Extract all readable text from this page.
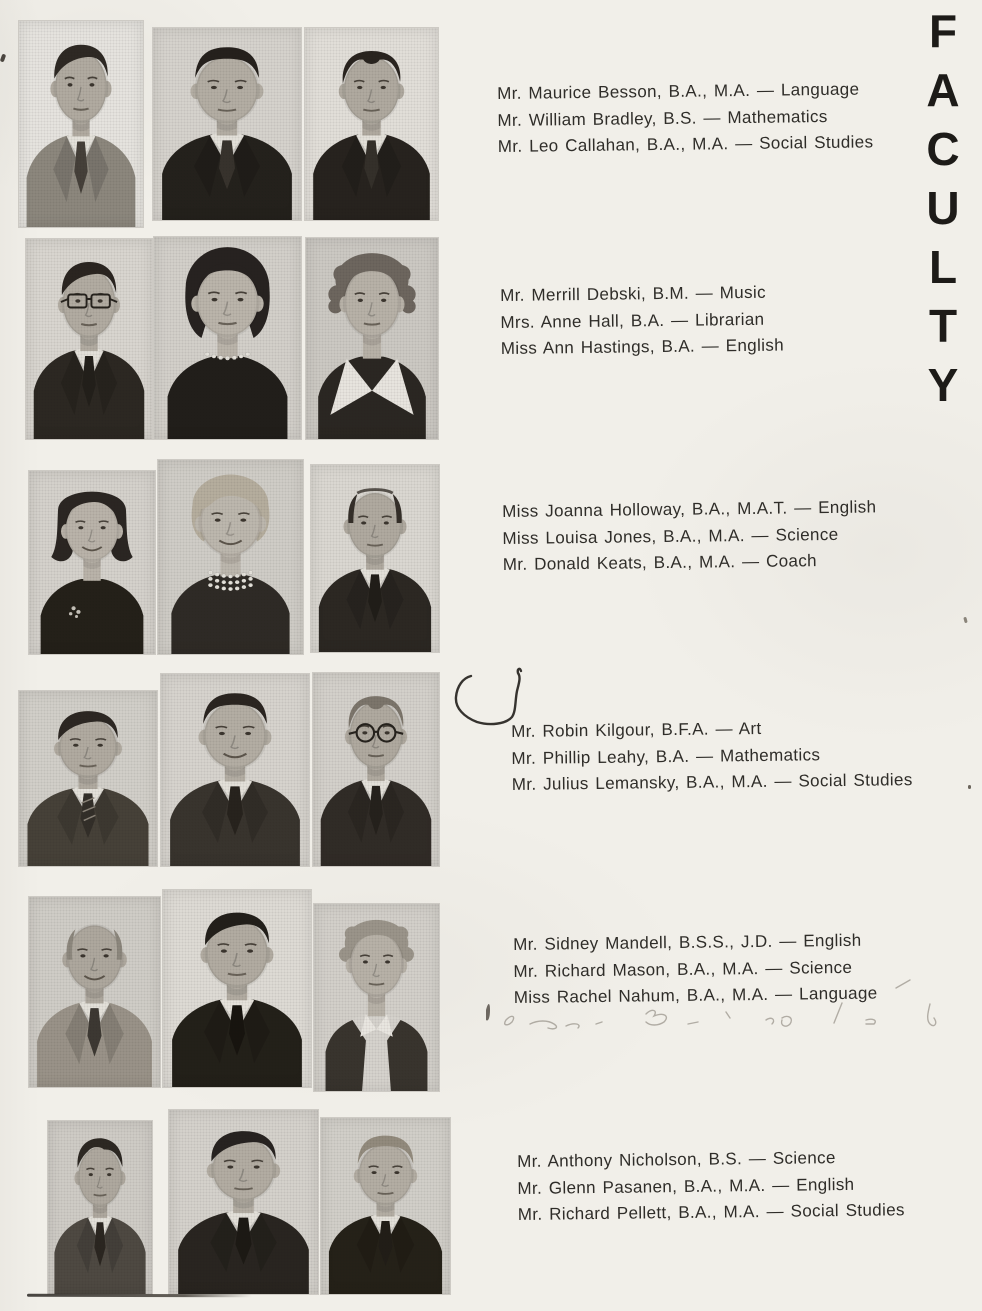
Mr. Maurice Besson, B.A., M.A. — Language
Mr. William Bradley, B.S. — Mathematics
Mr. Leo Callahan, B.A., M.A. — Social Studies
Mr. Merrill Debski, B.M. — Music
Mrs. Anne Hall, B.A. — Librarian
Miss Ann Hastings, B.A. — English
Miss Joanna Holloway, B.A., M.A.T. — English
Miss Louisa Jones, B.A., M.A. — Science
Mr. Donald Keats, B.A., M.A. — Coach
Mr. Robin Kilgour, B.F.A. — Art
Mr. Phillip Leahy, B.A. — Mathematics
Mr. Julius Lemansky, B.A., M.A. — Social Studies
Mr. Sidney Mandell, B.S.S., J.D. — English
Mr. Richard Mason, B.A., M.A. — Science
Miss Rachel Nahum, B.A., M.A. — Language
Mr. Anthony Nicholson, B.S. — Science
Mr. Glenn Pasanen, B.A., M.A. — English
Mr. Richard Pellett, B.A., M.A. — Social Studies
F
A
C
U
L
T
Y
